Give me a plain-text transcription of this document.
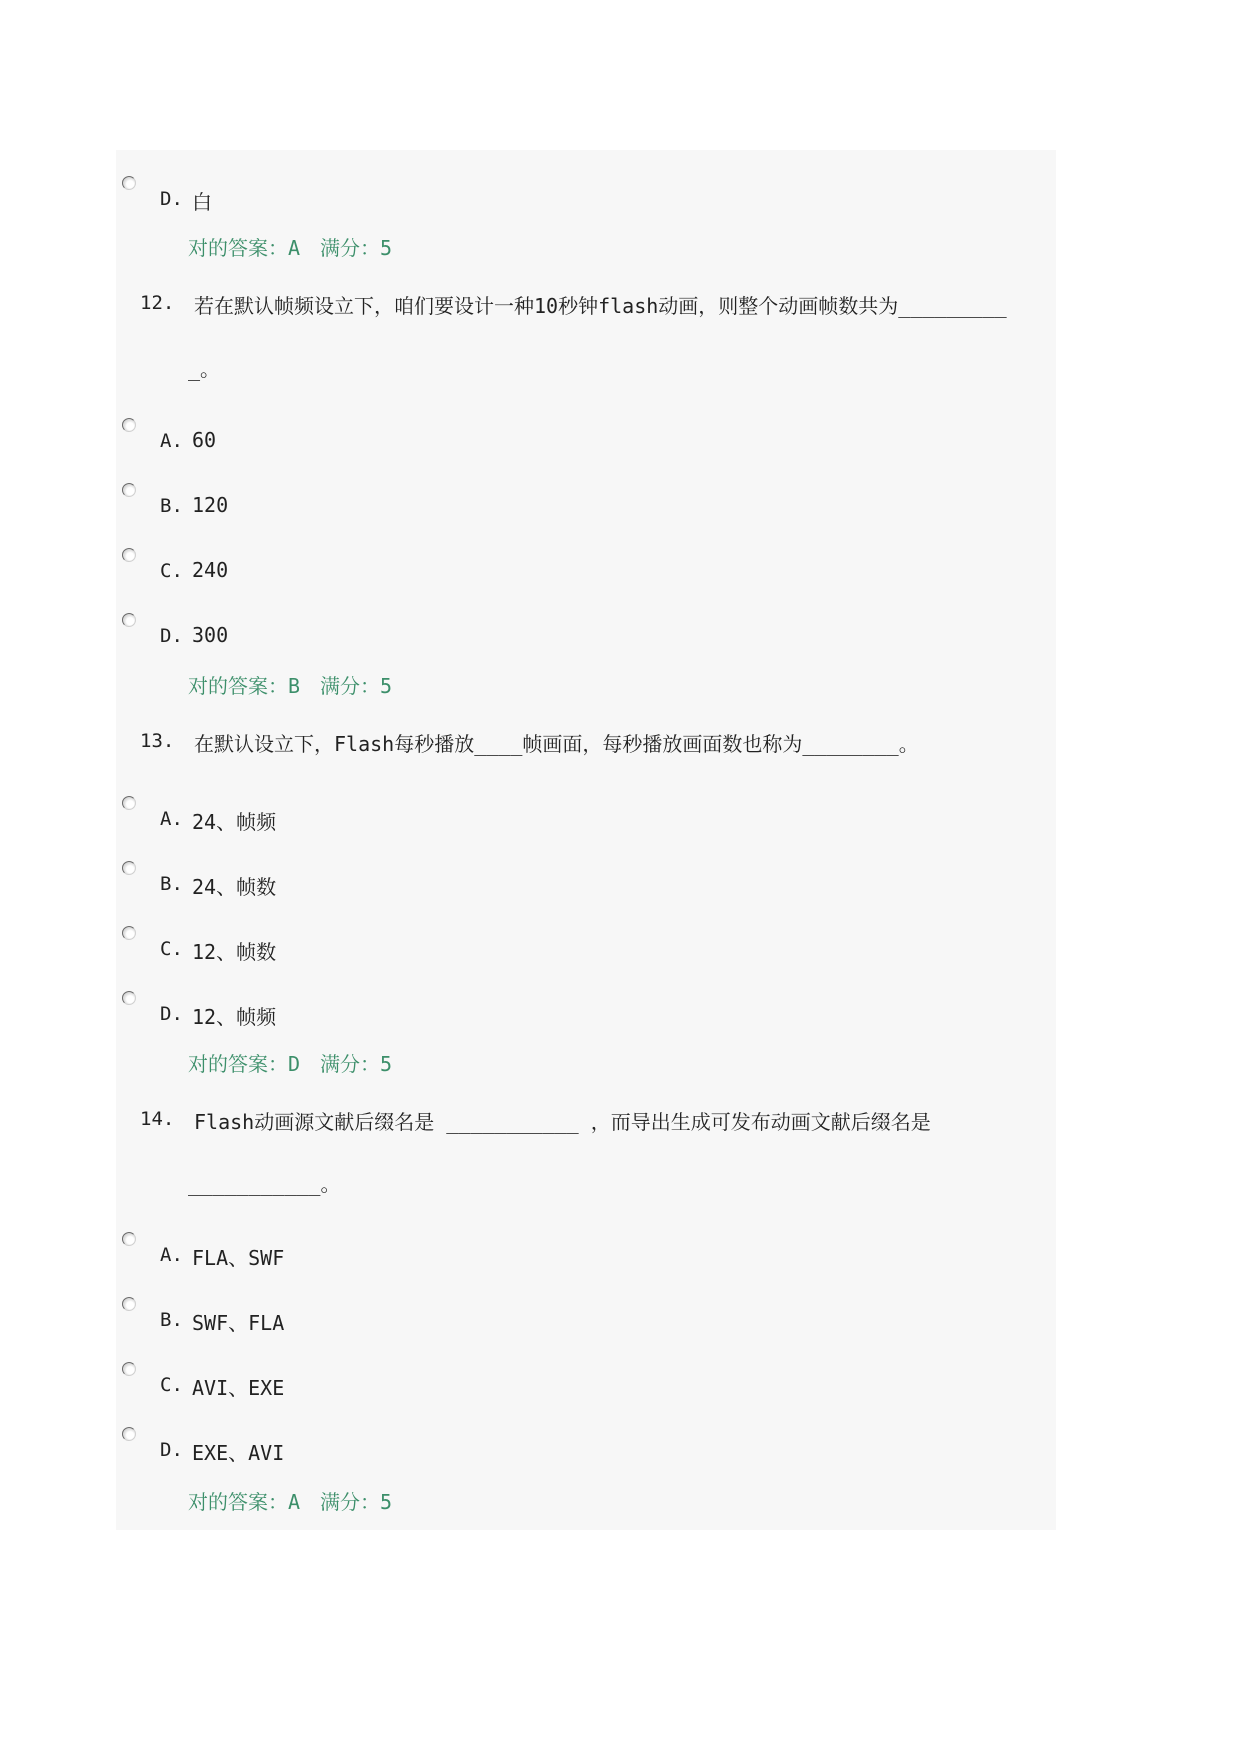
D. 白
对的答案：A 满分：5
12. 若在默认帧频设立下，咱们要设计一种10秒钟flash动画，则整个动画帧数共为_________
_。
A. 60
B. 120
C. 240
D. 300
对的答案：B 满分：5
13. 在默认设立下，Flash每秒播放____帧画面，每秒播放画面数也称为________。
A. 24、帧频
B. 24、帧数
C. 12、帧数
D. 12、帧频
对的答案：D 满分：5
14. Flash动画源文献后缀名是 ___________ ，而导出生成可发布动画文献后缀名是
___________。
A. FLA、SWF
B. SWF、FLA
C. AVI、EXE
D. EXE、AVI
对的答案：A 满分：5
